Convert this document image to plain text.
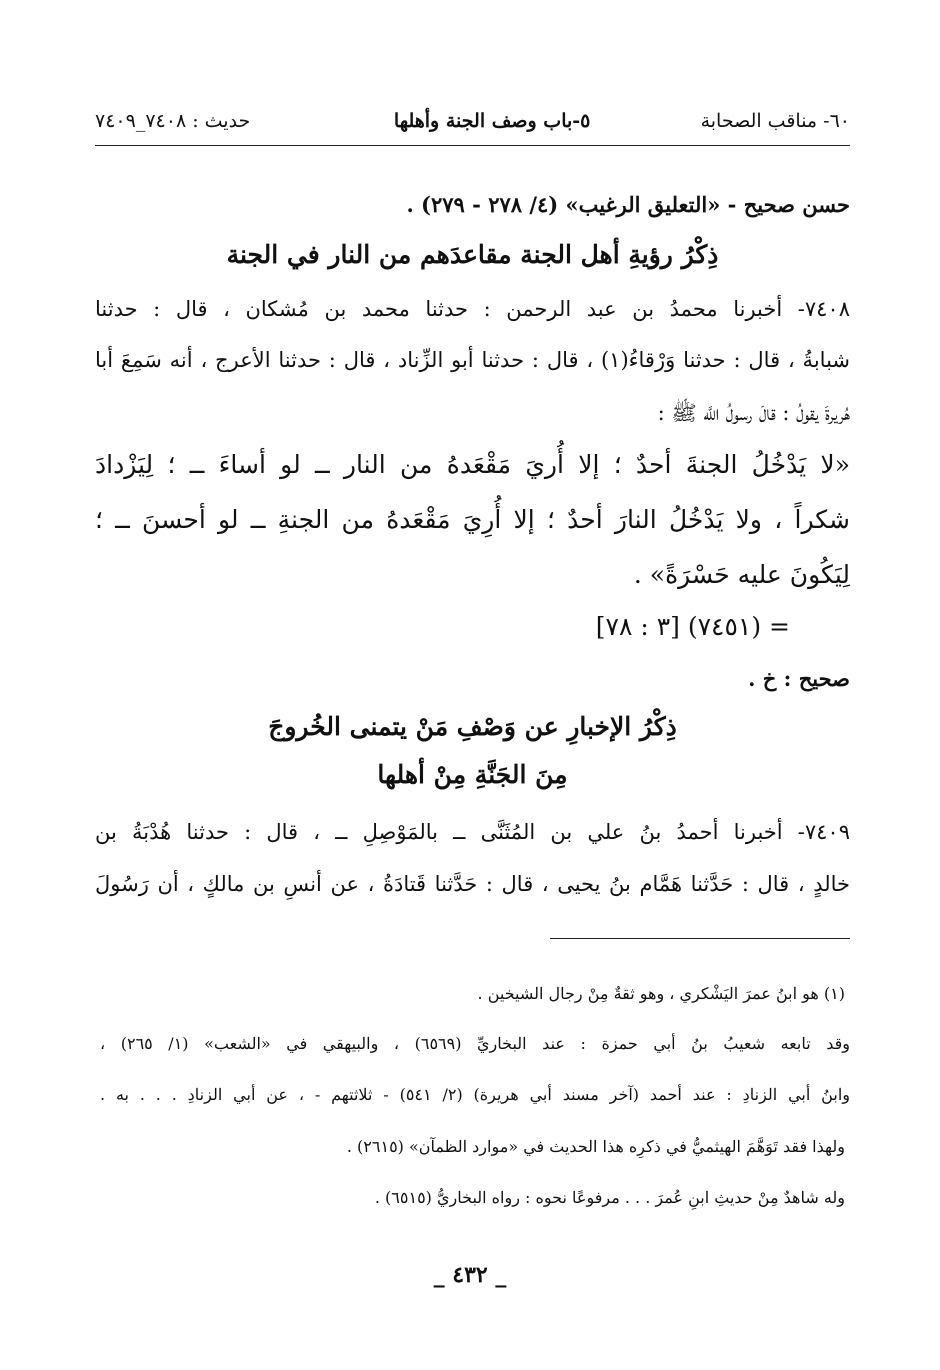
٦٠- مناقب الصحابة
٥-باب وصف الجنة وأهلها
حديث : ٧٤٠٨_٧٤٠٩
حسن صحيح - «التعليق الرغيب» (٤/ ٢٧٨ - ٢٧٩) .
ذِكْرُ رؤيةِ أهل الجنة مقاعدَهم من النار في الجنة
٧٤٠٨- أخبرنا محمدُ بن عبد الرحمن : حدثنا محمد بن مُشكان ، قال : حدثنا
شبابةُ ، قال : حدثنا وَرْقاءُ(١) ، قال : حدثنا أبو الزِّناد ، قال : حدثنا الأعرج ، أنه سَمِعَ أبا
هُريرةَ يقولُ : قالَ رسولُ اللَّه ﷺ :
«لا يَدْخُلُ الجنةَ أحدٌ ؛ إلا أُريَ مَقْعَدهُ من النار ــ لو أساءَ ــ ؛ لِيَزْدادَ
شكراً ، ولا يَدْخُلُ النارَ أحدٌ ؛ إلا أُرِيَ مَقْعَدهُ من الجنةِ ــ لو أحسنَ ــ ؛
لِيَكُونَ عليه حَسْرَةً» .
= (٧٤٥١) [٣ : ٧٨]
صحيح : خ .
ذِكْرُ الإخبارِ عن وَصْفِ مَنْ يتمنى الخُروجَ
مِنَ الجَنَّةِ مِنْ أهلها
٧٤٠٩- أخبرنا أحمدُ بنُ علي بن المُثَنَّى ــ بالمَوْصِلِ ــ ، قال : حدثنا هُدْبَةُ بن
خالدٍ ، قال : حَدَّثنا هَمَّام بنُ يحيى ، قال : حَدَّثنا قَتادَةُ ، عن أنسِ بن مالكٍ ، أن رَسُولَ
(١) هو ابنُ عمرَ اليَشْكري ، وهو ثقةٌ مِنْ رجال الشيخين .
وقد تابعه شعيبُ بنُ أبي حمزة : عند البخاريِّ (٦٥٦٩) ، والبيهقي في «الشعب» (١/ ٢٦٥) ،
وابنُ أبي الزنادِ : عند أحمد (آخر مسند أبي هريرة) (٢/ ٥٤١) - ثلاثتهم - ، عن أبي الزنادِ . . . به .
ولهذا فقد تَوَهَّمَ الهيثميُّ في ذكرِه هذا الحديث في «موارد الظمآن» (٢٦١٥) .
وله شاهدٌ مِنْ حديثِ ابنِ عُمرَ . . . مرفوعًا نحوه : رواه البخاريُّ (٦٥١٥) .
_ ٤٣٢ _
